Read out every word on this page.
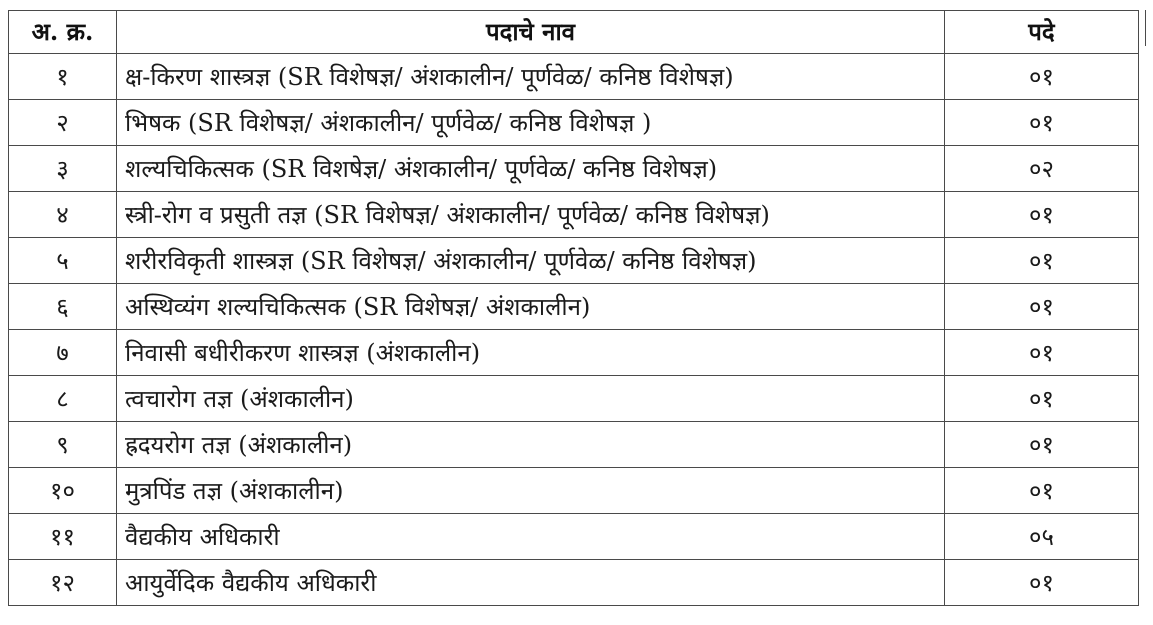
अ. क्र.	पदाचे नाव	पदे
१	क्ष-किरण शास्त्रज्ञ (SR विशेषज्ञ/ अंशकालीन/ पूर्णवेळ/ कनिष्ठ विशेषज्ञ)	०१
२	भिषक (SR विशेषज्ञ/ अंशकालीन/ पूर्णवेळ/ कनिष्ठ विशेषज्ञ )	०१
३	शल्यचिकित्सक (SR विशषेज्ञ/ अंशकालीन/ पूर्णवेळ/ कनिष्ठ विशेषज्ञ)	०२
४	स्त्री-रोग व प्रसुती तज्ञ (SR विशेषज्ञ/ अंशकालीन/ पूर्णवेळ/ कनिष्ठ विशेषज्ञ)	०१
५	शरीरविकृती शास्त्रज्ञ (SR विशेषज्ञ/ अंशकालीन/ पूर्णवेळ/ कनिष्ठ विशेषज्ञ)	०१
६	अस्थिव्यंग शल्यचिकित्सक (SR विशेषज्ञ/ अंशकालीन)	०१
७	निवासी बधीरीकरण शास्त्रज्ञ (अंशकालीन)	०१
८	त्वचारोग तज्ञ (अंशकालीन)	०१
९	ह्रदयरोग तज्ञ (अंशकालीन)	०१
१०	मुत्रपिंड तज्ञ (अंशकालीन)	०१
११	वैद्यकीय अधिकारी	०५
१२	आयुर्वेदिक वैद्यकीय अधिकारी	०१
